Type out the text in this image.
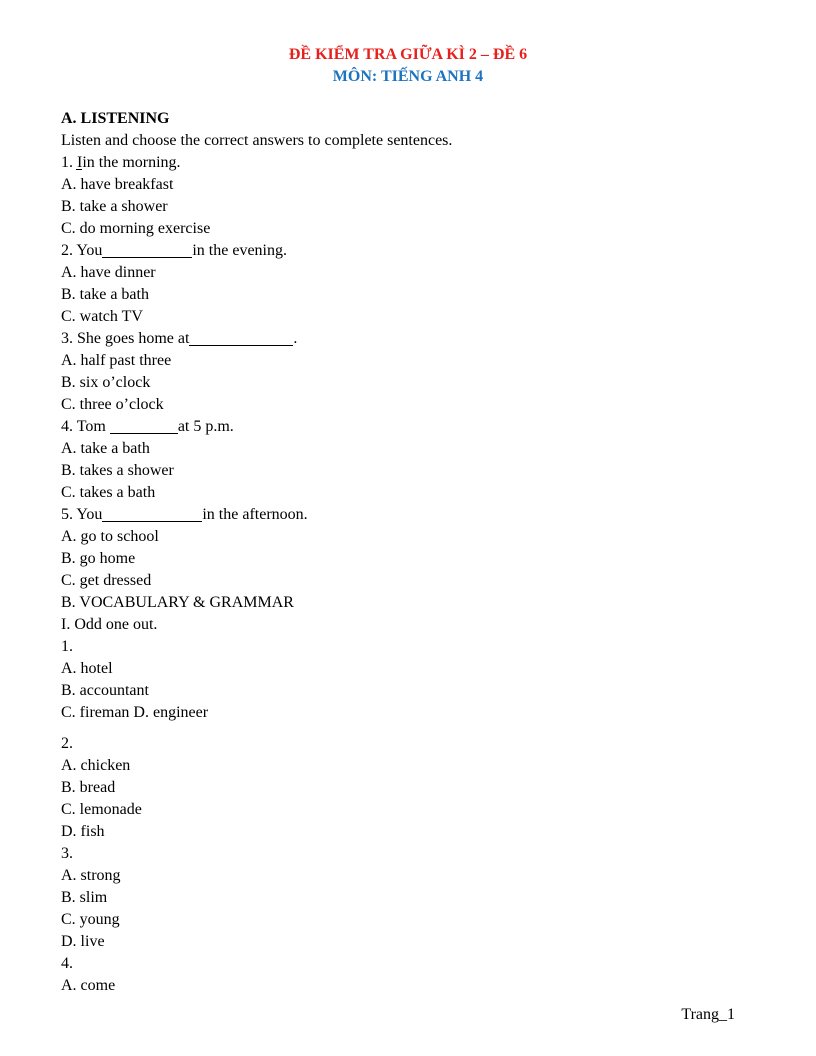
ĐỀ KIỂM TRA GIỮA KÌ 2 – ĐỀ 6
MÔN: TIẾNG ANH 4
A. LISTENING
Listen and choose the correct answers to complete sentences.
1. Iin the morning.
A. have breakfast
B. take a shower
C. do morning exercise
2. You	in the evening.
A. have dinner
B. take a bath
C. watch TV
3. She goes home at	.
A. half past three
B. six o’clock
C. three o’clock
4. Tom	at 5 p.m.
A. take a bath
B. takes a shower
C. takes a bath
5. You	in the afternoon.
A. go to school
B. go home
C. get dressed
B. VOCABULARY & GRAMMAR
I. Odd one out.
1.
A. hotel
B. accountant
C. fireman D. engineer
2.
A. chicken
B. bread
C. lemonade
D. fish
3.
A. strong
B. slim
C. young
D. live
4.
A. come
Trang_1
